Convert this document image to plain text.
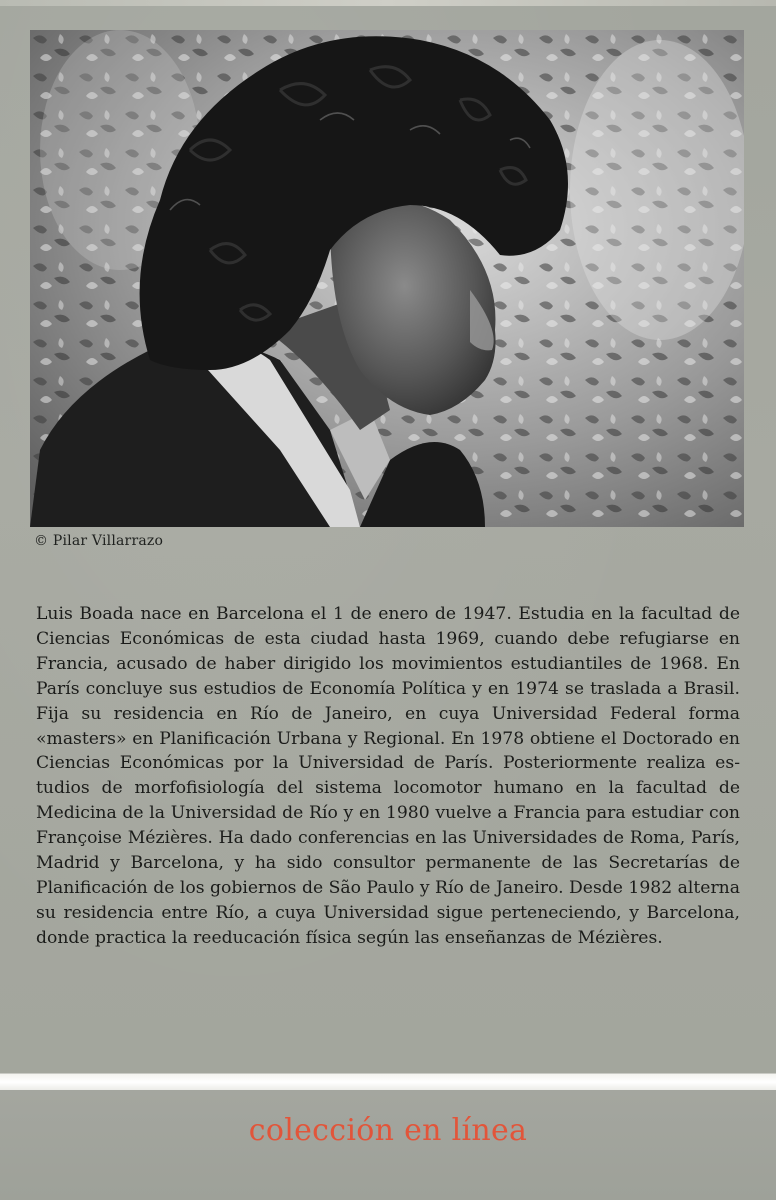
© Pilar Villarrazo

Luis Boada nace en Barcelona el 1 de enero de 1947. Estudia en la facultad de Ciencias Económicas de esta ciudad hasta 1969, cuando debe refugiarse en Francia, acusado de haber dirigido los movimientos estudiantiles de 1968. En París concluye sus estudios de Economía Política y en 1974 se traslada a Brasil. Fija su residencia en Río de Janeiro, en cuya Universidad Federal forma «masters» en Planificación Urbana y Regional. En 1978 obtiene el Doctorado en Ciencias Económicas por la Universidad de París. Posteriormente realiza estudios de morfofisiología del sistema locomotor humano en la facultad de Medicina de la Universidad de Río y en 1980 vuelve a Francia para estudiar con Françoise Mézières. Ha dado conferencias en las Universidades de Roma, París, Madrid y Barcelona, y ha sido consultor permanente de las Secretarías de Planificación de los gobiernos de São Paulo y Río de Janeiro. Desde 1982 alterna su residencia entre Río, a cuya Universidad sigue perteneciendo, y Barcelona, donde practica la reeducación física según las enseñanzas de Mézières.

colección en línea
